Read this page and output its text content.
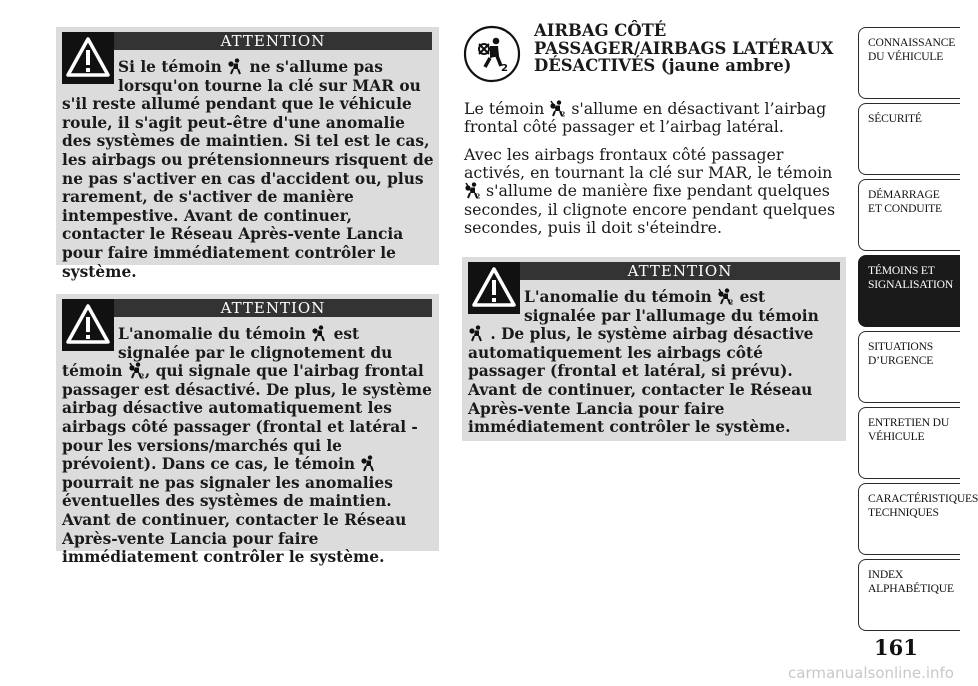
ATTENTION
Si le témoin  ne s'allume pas lorsqu'on tourne la clé sur MAR ou s'il reste allumé pendant que le véhicule roule, il s'agit peut-être d'une anomalie des systèmes de maintien. Si tel est le cas, les airbags ou prétensionneurs risquent de ne pas s'activer en cas d'accident ou, plus rarement, de s'activer de manière intempestive. Avant de continuer, contacter le Réseau Après-vente Lancia pour faire immédiatement contrôler le système.
ATTENTION
L'anomalie du témoin  est signalée par le clignotement du témoin 2 , qui signale que l'airbag frontal passager est désactivé. De plus, le système airbag désactive automatiquement les airbags côté passager (frontal et latéral - pour les versions/marchés qui le prévoient). Dans ce cas, le témoin  pourrait ne pas signaler les anomalies éventuelles des systèmes de maintien. Avant de continuer, contacter le Réseau Après-vente Lancia pour faire immédiatement contrôler le système.
2
AIRBAG CÔTÉ PASSAGER/AIRBAGS LATÉRAUX DÉSACTIVÉS (jaune ambre)
Le témoin 2 s'allume en désactivant l’airbag frontal côté passager et l’airbag latéral.
Avec les airbags frontaux côté passager activés, en tournant la clé sur MAR, le témoin
2 s'allume de manière fixe pendant quelques secondes, il clignote encore pendant quelques secondes, puis il doit s'éteindre.
ATTENTION
L'anomalie du témoin 2 est signalée par l'allumage du témoin  . De plus, le système airbag désactive automatiquement les airbags côté passager (frontal et latéral, si prévu). Avant de continuer, contacter le Réseau Après-vente Lancia pour faire immédiatement contrôler le système.
CONNAISSANCE DU VÉHICULE
SÉCURITÉ
DÉMARRAGE ET CONDUITE
TÉMOINS ET SIGNALISATION
SITUATIONS D’URGENCE
ENTRETIEN DU VÉHICULE
CARACTÉRISTIQUES TECHNIQUES
INDEX ALPHABÉTIQUE
161
carmanualsonline.info
